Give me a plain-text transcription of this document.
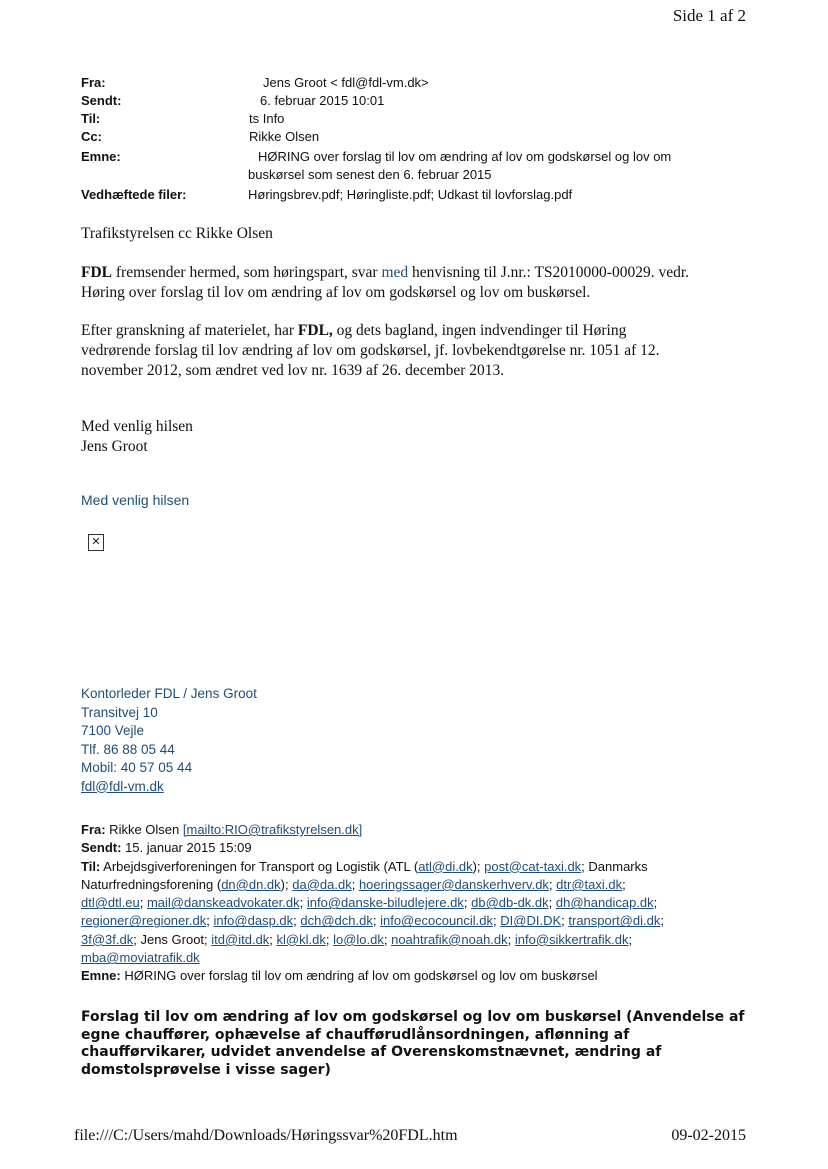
Side 1 af 2
Fra:	Jens Groot < fdl@fdl-vm.dk>
Sendt:	6. februar 2015 10:01
Til:	ts Info
Cc:	Rikke Olsen
Emne:	HØRING over forslag til lov om ændring af lov om godskørsel og lov om
buskørsel som senest den 6. februar 2015
Vedhæftede filer:	Høringsbrev.pdf; Høringliste.pdf; Udkast til lovforslag.pdf
Trafikstyrelsen cc Rikke Olsen
FDL fremsender hermed, som høringspart, svar med henvisning til J.nr.: TS2010000-00029. vedr.
Høring over forslag til lov om ændring af lov om godskørsel og lov om buskørsel.
Efter granskning af materielet, har FDL, og dets bagland, ingen indvendinger til Høring
vedrørende forslag til lov ændring af lov om godskørsel, jf. lovbekendtgørelse nr. 1051 af 12.
november 2012, som ændret ved lov nr. 1639 af 26. december 2013.
Med venlig hilsen
Jens Groot
Med venlig hilsen
✕
Kontorleder FDL / Jens Groot
Transitvej 10
7100 Vejle
Tlf. 86 88 05 44
Mobil: 40 57 05 44
fdl@fdl-vm.dk
Fra: Rikke Olsen [mailto:RIO@trafikstyrelsen.dk]
Sendt: 15. januar 2015 15:09
Til: Arbejdsgiverforeningen for Transport og Logistik (ATL (atl@di.dk); post@cat-taxi.dk; Danmarks
Naturfredningsforening (dn@dn.dk); da@da.dk; hoeringssager@danskerhverv.dk; dtr@taxi.dk;
dtl@dtl.eu; mail@danskeadvokater.dk; info@danske-biludlejere.dk; db@db-dk.dk; dh@handicap.dk;
regioner@regioner.dk; info@dasp.dk; dch@dch.dk; info@ecocouncil.dk; DI@DI.DK; transport@di.dk;
3f@3f.dk; Jens Groot; itd@itd.dk; kl@kl.dk; lo@lo.dk; noahtrafik@noah.dk; info@sikkertrafik.dk;
mba@moviatrafik.dk
Emne: HØRING over forslag til lov om ændring af lov om godskørsel og lov om buskørsel
Forslag til lov om ændring af lov om godskørsel og lov om buskørsel (Anvendelse af
egne chauffører, ophævelse af chaufførudlånsordningen, aflønning af
chaufførvikarer, udvidet anvendelse af Overenskomstnævnet, ændring af
domstolsprøvelse i visse sager)
file:///C:/Users/mahd/Downloads/Høringssvar%20FDL.htm	09-02-2015
